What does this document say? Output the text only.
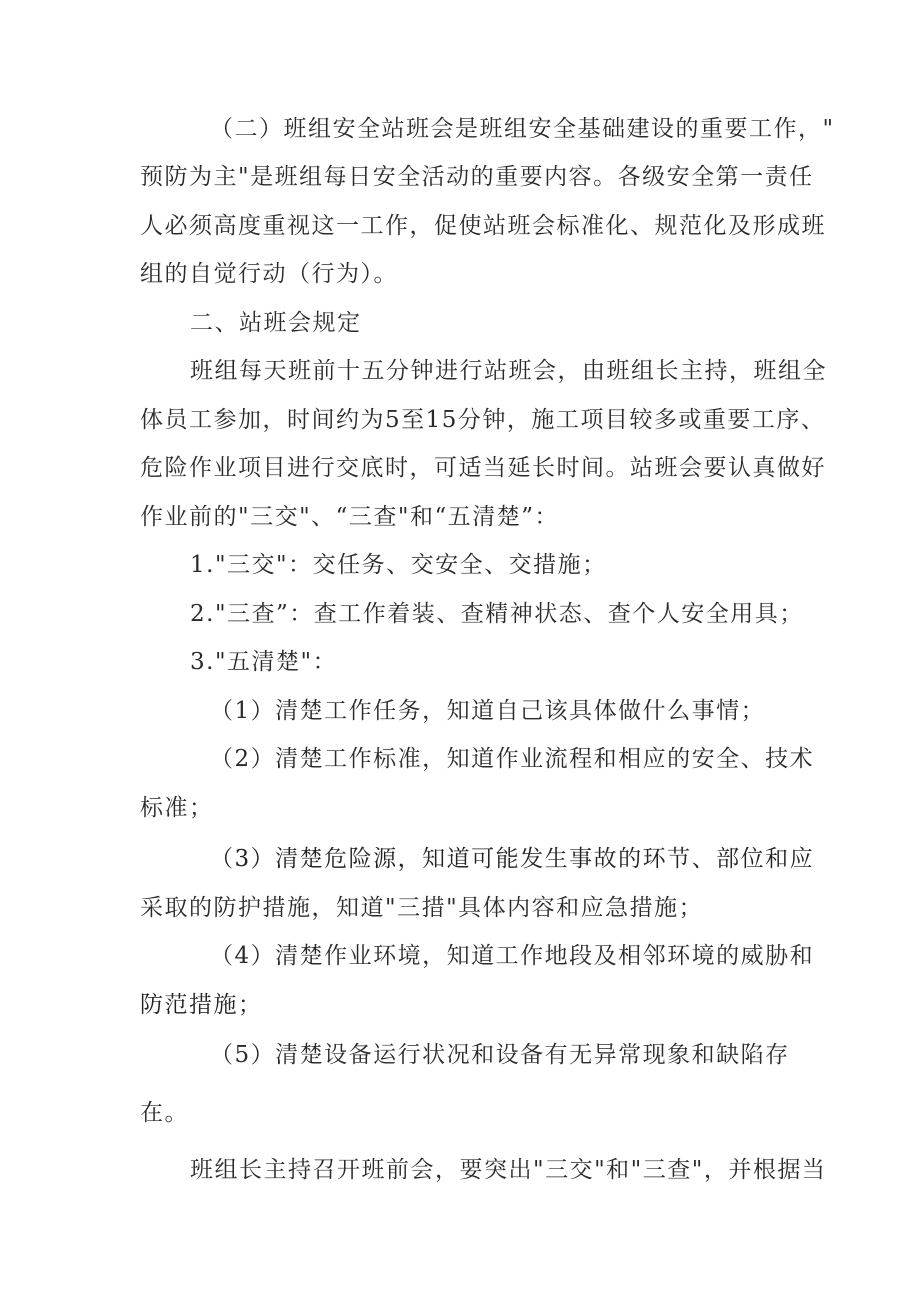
（二）班组安全站班会是班组安全基础建设的重要工作，"
预防为主"是班组每日安全活动的重要内容。各级安全第一责任
人必须高度重视这一工作，促使站班会标准化、规范化及形成班
组的自觉行动（行为）。
二、站班会规定
班组每天班前十五分钟进行站班会，由班组长主持，班组全
体员工参加，时间约为5至15分钟，施工项目较多或重要工序、
危险作业项目进行交底时，可适当延长时间。站班会要认真做好
作业前的"三交"、“三查"和“五清楚”：
1."三交"：交任务、交安全、交措施；
2."三查”：查工作着装、查精神状态、查个人安全用具；
3."五清楚"：
（1）清楚工作任务，知道自己该具体做什么事情；
（2）清楚工作标准，知道作业流程和相应的安全、技术
标准；
（3）清楚危险源，知道可能发生事故的环节、部位和应
采取的防护措施，知道"三措"具体内容和应急措施；
（4）清楚作业环境，知道工作地段及相邻环境的威胁和
防范措施；
（5）清楚设备运行状况和设备有无异常现象和缺陷存
在。
班组长主持召开班前会，要突出"三交"和"三查"，并根据当
